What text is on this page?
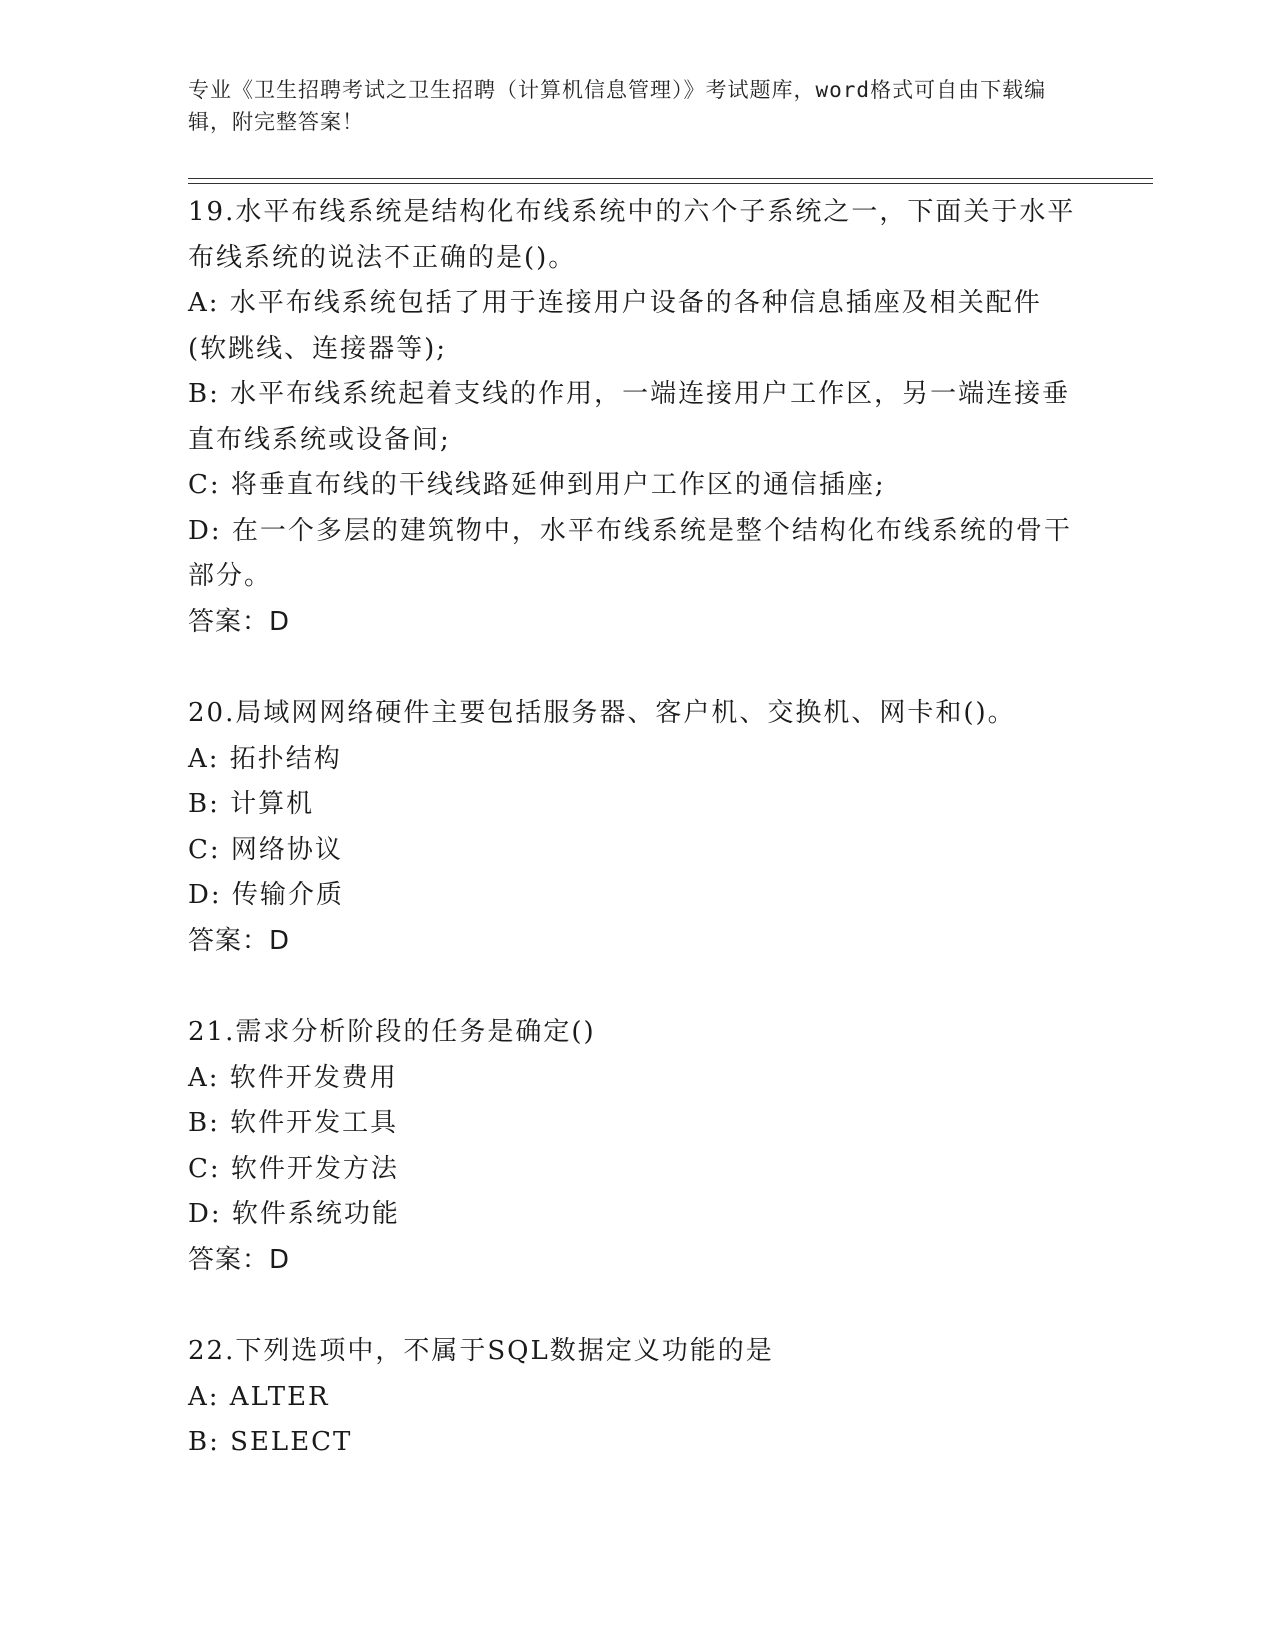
专业《卫生招聘考试之卫生招聘（计算机信息管理）》考试题库，word格式可自由下载编辑，附完整答案！

19.水平布线系统是结构化布线系统中的六个子系统之一，下面关于水平布线系统的说法不正确的是()。

A: 水平布线系统包括了用于连接用户设备的各种信息插座及相关配件(软跳线、连接器等);

B: 水平布线系统起着支线的作用，一端连接用户工作区，另一端连接垂直布线系统或设备间;

C: 将垂直布线的干线线路延伸到用户工作区的通信插座;

D: 在一个多层的建筑物中，水平布线系统是整个结构化布线系统的骨干部分。

答案：D

20.局域网网络硬件主要包括服务器、客户机、交换机、网卡和()。

A: 拓扑结构

B: 计算机

C: 网络协议

D: 传输介质

答案：D

21.需求分析阶段的任务是确定()

A: 软件开发费用

B: 软件开发工具

C: 软件开发方法

D: 软件系统功能

答案：D

22.下列选项中，不属于SQL数据定义功能的是

A: ALTER

B: SELECT
